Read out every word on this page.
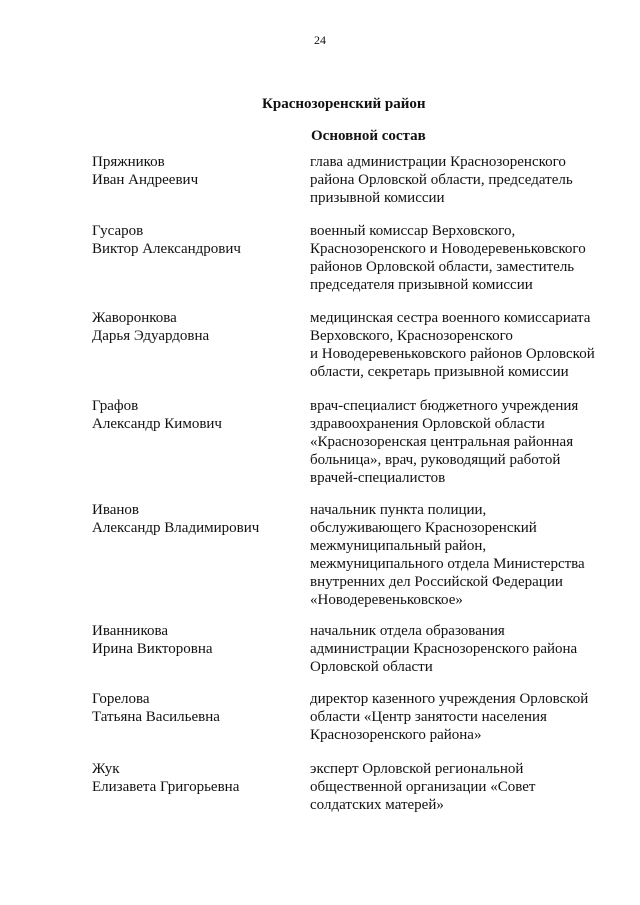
24
Краснозоренский район
Основной состав
Пряжников
Иван Андреевич
глава администрации Краснозоренского
района Орловской области, председатель
призывной комиссии
Гусаров
Виктор Александрович
военный комиссар Верховского,
Краснозоренского и Новодеревеньковского
районов Орловской области, заместитель
председателя призывной комиссии
Жаворонкова
Дарья Эдуардовна
медицинская сестра военного комиссариата
Верховского, Краснозоренского
и Новодеревеньковского районов Орловской
области, секретарь призывной комиссии
Графов
Александр Кимович
врач-специалист бюджетного учреждения
здравоохранения Орловской области
«Краснозоренская центральная районная
больница», врач, руководящий работой
врачей-специалистов
Иванов
Александр Владимирович
начальник пункта полиции,
обслуживающего Краснозоренский
межмуниципальный район,
межмуниципального отдела Министерства
внутренних дел Российской Федерации
«Новодеревеньковское»
Иванникова
Ирина Викторовна
начальник отдела образования
администрации Краснозоренского района
Орловской области
Горелова
Татьяна Васильевна
директор казенного учреждения Орловской
области «Центр занятости населения
Краснозоренского района»
Жук
Елизавета Григорьевна
эксперт Орловской региональной
общественной организации «Совет
солдатских матерей»
